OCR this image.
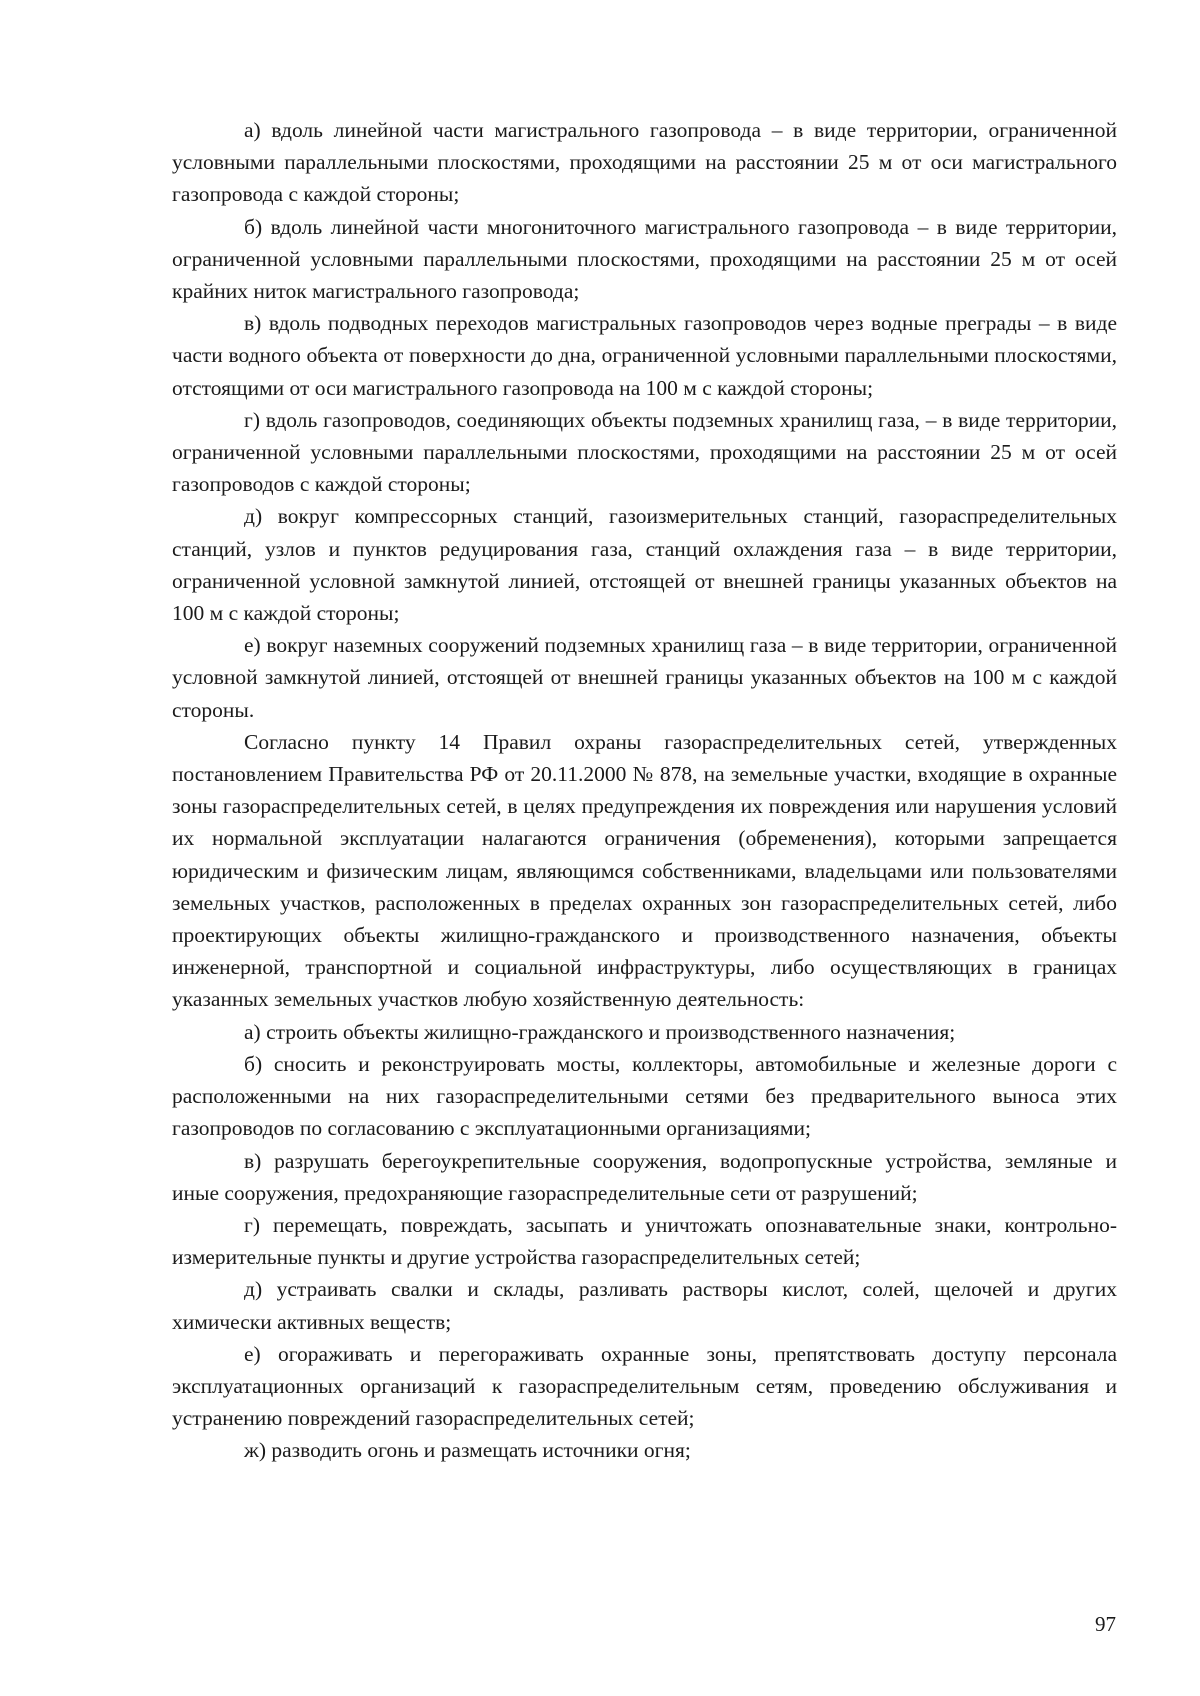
а) вдоль линейной части магистрального газопровода – в виде территории, ограниченной условными параллельными плоскостями, проходящими на расстоянии 25 м от оси магистрального газопровода с каждой стороны;

б) вдоль линейной части многониточного магистрального газопровода – в виде территории, ограниченной условными параллельными плоскостями, проходящими на расстоянии 25 м от осей крайних ниток магистрального газопровода;

в) вдоль подводных переходов магистральных газопроводов через водные преграды – в виде части водного объекта от поверхности до дна, ограниченной условными параллельными плоскостями, отстоящими от оси магистрального газопровода на 100 м с каждой стороны;

г) вдоль газопроводов, соединяющих объекты подземных хранилищ газа, – в виде территории, ограниченной условными параллельными плоскостями, проходящими на расстоянии 25 м от осей газопроводов с каждой стороны;

д) вокруг компрессорных станций, газоизмерительных станций, газораспределительных станций, узлов и пунктов редуцирования газа, станций охлаждения газа – в виде территории, ограниченной условной замкнутой линией, отстоящей от внешней границы указанных объектов на 100 м с каждой стороны;

е) вокруг наземных сооружений подземных хранилищ газа – в виде территории, ограниченной условной замкнутой линией, отстоящей от внешней границы указанных объектов на 100 м с каждой стороны.

Согласно пункту 14 Правил охраны газораспределительных сетей, утвержденных постановлением Правительства РФ от 20.11.2000 № 878, на земельные участки, входящие в охранные зоны газораспределительных сетей, в целях предупреждения их повреждения или нарушения условий их нормальной эксплуатации налагаются ограничения (обременения), которыми запрещается юридическим и физическим лицам, являющимся собственниками, владельцами или пользователями земельных участков, расположенных в пределах охранных зон газораспределительных сетей, либо проектирующих объекты жилищно-гражданского и производственного назначения, объекты инженерной, транспортной и социальной инфраструктуры, либо осуществляющих в границах указанных земельных участков любую хозяйственную деятельность:

а) строить объекты жилищно-гражданского и производственного назначения;

б) сносить и реконструировать мосты, коллекторы, автомобильные и железные дороги с расположенными на них газораспределительными сетями без предварительного выноса этих газопроводов по согласованию с эксплуатационными организациями;

в) разрушать берегоукрепительные сооружения, водопропускные устройства, земляные и иные сооружения, предохраняющие газораспределительные сети от разрушений;

г) перемещать, повреждать, засыпать и уничтожать опознавательные знаки, контрольно-измерительные пункты и другие устройства газораспределительных сетей;

д) устраивать свалки и склады, разливать растворы кислот, солей, щелочей и других химически активных веществ;

е) огораживать и перегораживать охранные зоны, препятствовать доступу персонала эксплуатационных организаций к газораспределительным сетям, проведению обслуживания и устранению повреждений газораспределительных сетей;

ж) разводить огонь и размещать источники огня;

97
